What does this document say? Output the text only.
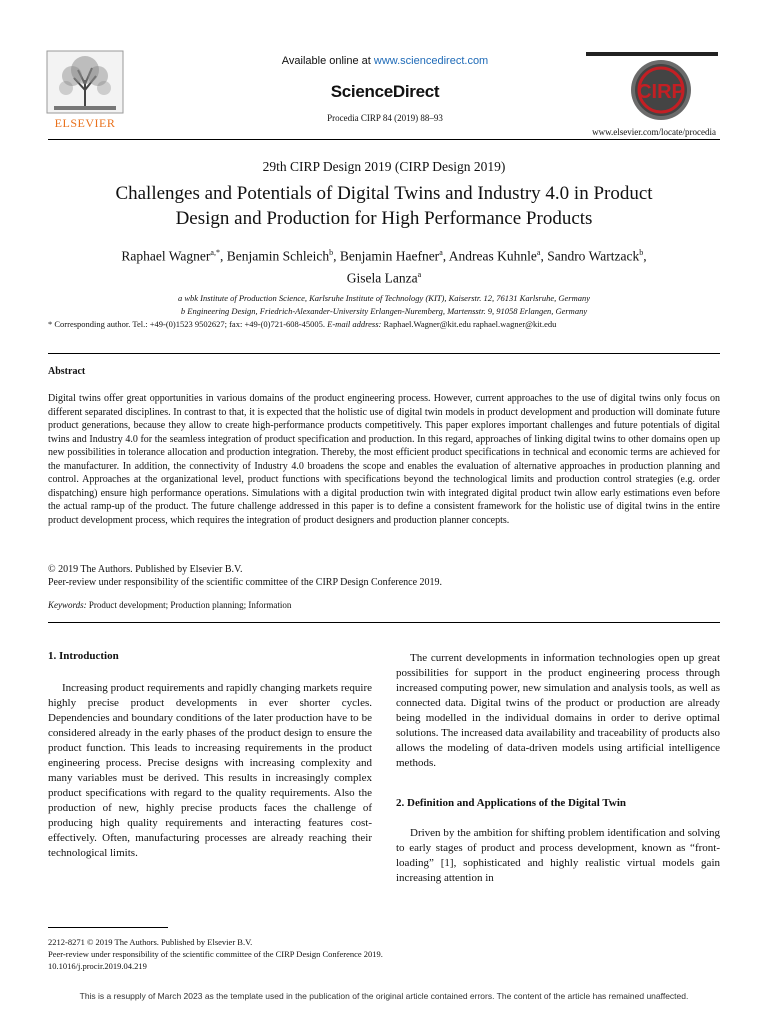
ELSEVIER
Available online at www.sciencedirect.com
ScienceDirect
Procedia CIRP 84 (2019) 88–93
CIRP
www.elsevier.com/locate/procedia
29th CIRP Design 2019 (CIRP Design 2019)
Challenges and Potentials of Digital Twins and Industry 4.0 in Product
Design and Production for High Performance Products
Raphael Wagner$^{a,*}$, Benjamin Schleich$^b$, Benjamin Haefner$^a$, Andreas Kuhnle$^a$, Sandro Wartzack$^b$,
Gisela Lanza$^a$
a wbk Institute of Production Science, Karlsruhe Institute of Technology (KIT), Kaiserstr. 12, 76131 Karlsruhe, Germany
b Engineering Design, Friedrich-Alexander-University Erlangen-Nuremberg, Martensstr. 9, 91058 Erlangen, Germany
* Corresponding author. Tel.: +49-(0)1523 9502627; fax: +49-(0)721-608-45005. E-mail address: Raphael.Wagner@kit.edu raphael.wagner@kit.edu
Abstract
Digital twins offer great opportunities in various domains of the product engineering process. However, current approaches to the use of digital twins only focus on different separated disciplines. In contrast to that, it is expected that the holistic use of digital twin models in product development and production will dominate future product generations, because they allow to create high-performance products competitively. This paper explores important challenges and future potentials of digital twins and Industry 4.0 for the seamless integration of product specification and production. In this regard, approaches of linking digital twins to other domains open up new possibilities in tolerance allocation and production integration. Thereby, the most efficient product specifications in technical and economic terms are achieved for the manufacturer. In addition, the connectivity of Industry 4.0 broadens the scope and enables the evaluation of alternative approaches in production planning and control. Approaches at the organizational level, product functions with specifications beyond the technological limits and production control strategies (e.g. order dispatching) ensure high performance operations. Simulations with a digital production twin with integrated digital product twin allow early estimations even before the actual ramp-up of the product. The future challenge addressed in this paper is to define a consistent framework for the holistic use of digital twins in the entire product development process, which requires the integration of product designers and production planner concepts.
© 2019 The Authors. Published by Elsevier B.V.
Peer-review under responsibility of the scientific committee of the CIRP Design Conference 2019.
Keywords: Product development; Production planning; Information
1. Introduction
Increasing product requirements and rapidly changing markets require highly precise product developments in ever shorter cycles. Dependencies and boundary conditions of the later production have to be considered already in the early phases of the product design to ensure the product function. This leads to increasing requirements in the product engineering process. Precise designs with increasing complexity and many variables must be derived. This results in increasingly complex product specifications with regard to the quality requirements. Also the production of new, highly precise products faces the challenge of producing high quality requirements and interacting features cost-effectively. Often, manufacturing processes are already reaching their technological limits.
The current developments in information technologies open up great possibilities for support in the product engineering process through increased computing power, new simulation and analysis tools, as well as connected data. Digital twins of the product or production are already being modelled in the individual domains in order to derive optimal solutions. The increased data availability and traceability of products also allows the modeling of data-driven models using artificial intelligence methods.
2. Definition and Applications of the Digital Twin
Driven by the ambition for shifting problem identification and solving to early stages of product and process development, known as “front-loading” [1], sophisticated and highly realistic virtual models gain increasing attention in
2212-8271 © 2019 The Authors. Published by Elsevier B.V.
Peer-review under responsibility of the scientific committee of the CIRP Design Conference 2019.
10.1016/j.procir.2019.04.219
This is a resupply of March 2023 as the template used in the publication of the original article contained errors. The content of the article has remained unaffected.
